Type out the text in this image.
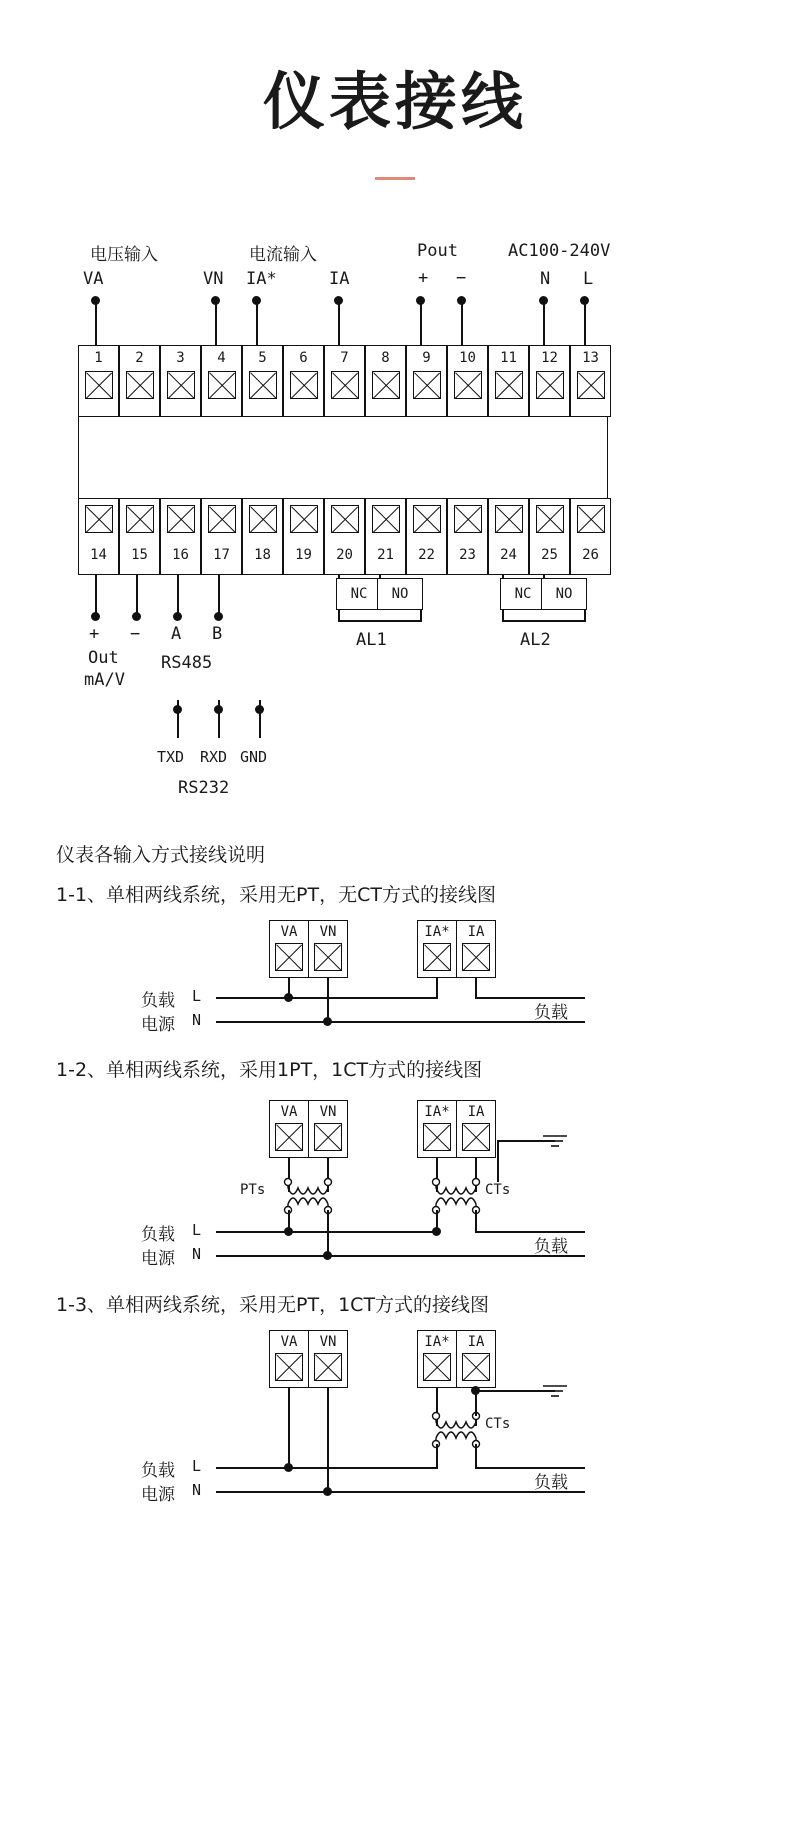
仪表接线
电压输入	电流输入	Pout	AC100-240V
VA	VN IA*	IA	+ −	N L
1	2	3	4	5	6	7	8	9	10	11	12	13
14	15	16	17	18	19	20	21	22	23	24	25	26
+ − A B
Out
mA/V
RS485
NC	NO
AL1
NC	NO
AL2
TXD RXD GND
RS232
仪表各输入方式接线说明
1-1、单相两线系统，采用无PT，无CT方式的接线图
1-2、单相两线系统，采用1PT，1CT方式的接线图
1-3、单相两线系统，采用无PT，1CT方式的接线图
VA	VN	IA*	IA
负载 L
电源 N	负载
VA	VN	IA*	IA
PTs	CTs
负载 L
电源 N	负载
VA	VN	IA*	IA
CTs
负载 L
电源 N	负载
